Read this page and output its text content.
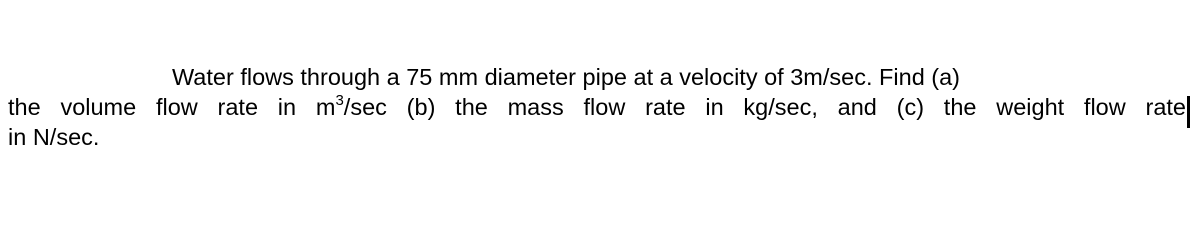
Water flows through a 75 mm diameter pipe at a velocity of 3m/sec. Find (a)
the volume flow rate in $m^3/\sec$ (b) the mass flow rate in kg/sec, and (c) the weight flow rate
in N/sec.
